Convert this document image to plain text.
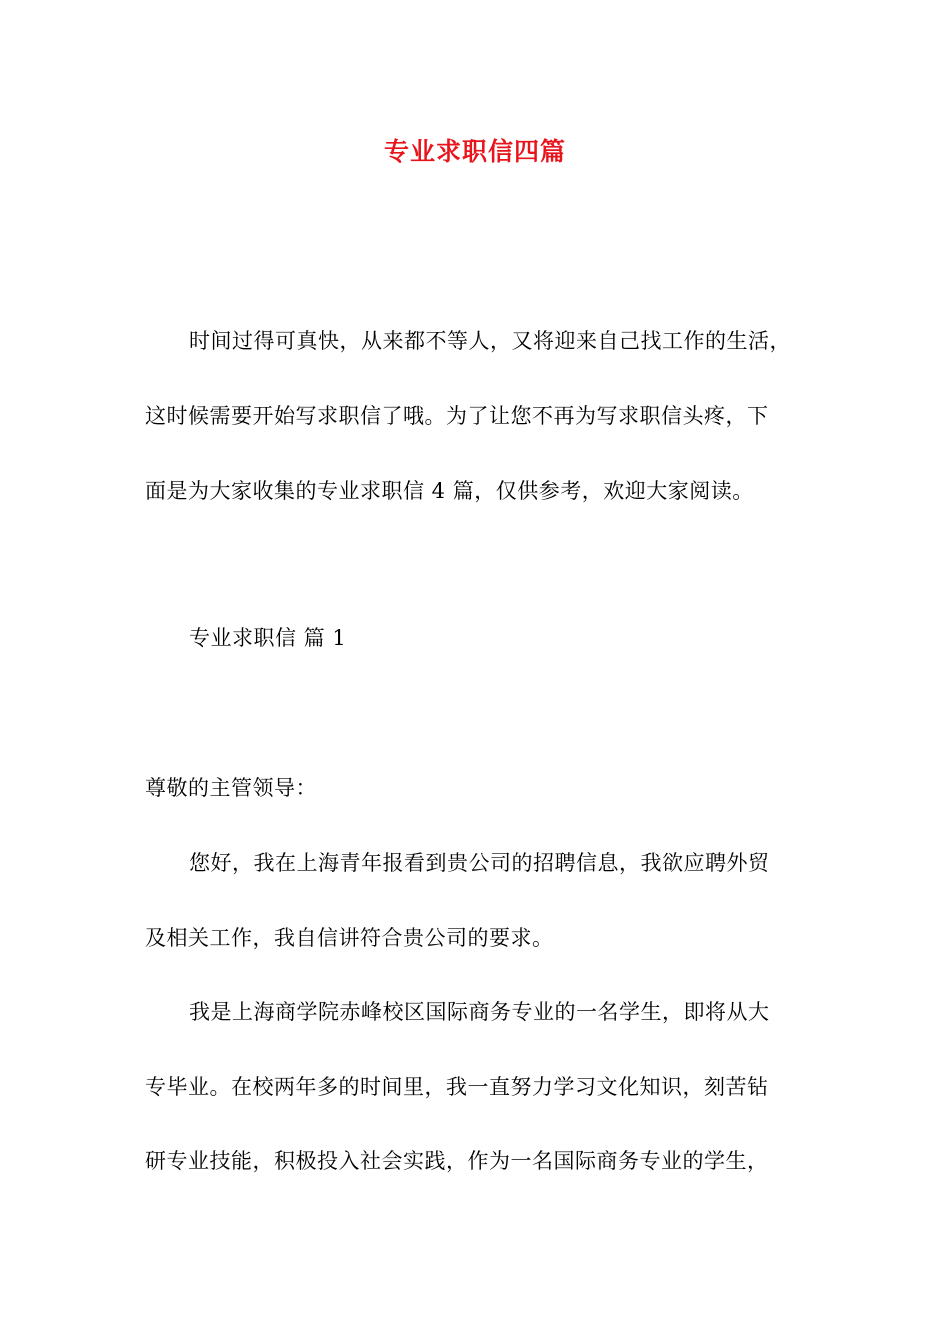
专业求职信四篇
时间过得可真快，从来都不等人，又将迎来自己找工作的生活，
这时候需要开始写求职信了哦。为了让您不再为写求职信头疼，下
面是为大家收集的专业求职信 4 篇，仅供参考，欢迎大家阅读。
专业求职信 篇 1
尊敬的主管领导：
您好，我在上海青年报看到贵公司的招聘信息，我欲应聘外贸
及相关工作，我自信讲符合贵公司的要求。
我是上海商学院赤峰校区国际商务专业的一名学生，即将从大
专毕业。在校两年多的时间里，我一直努力学习文化知识，刻苦钻
研专业技能，积极投入社会实践，作为一名国际商务专业的学生，
